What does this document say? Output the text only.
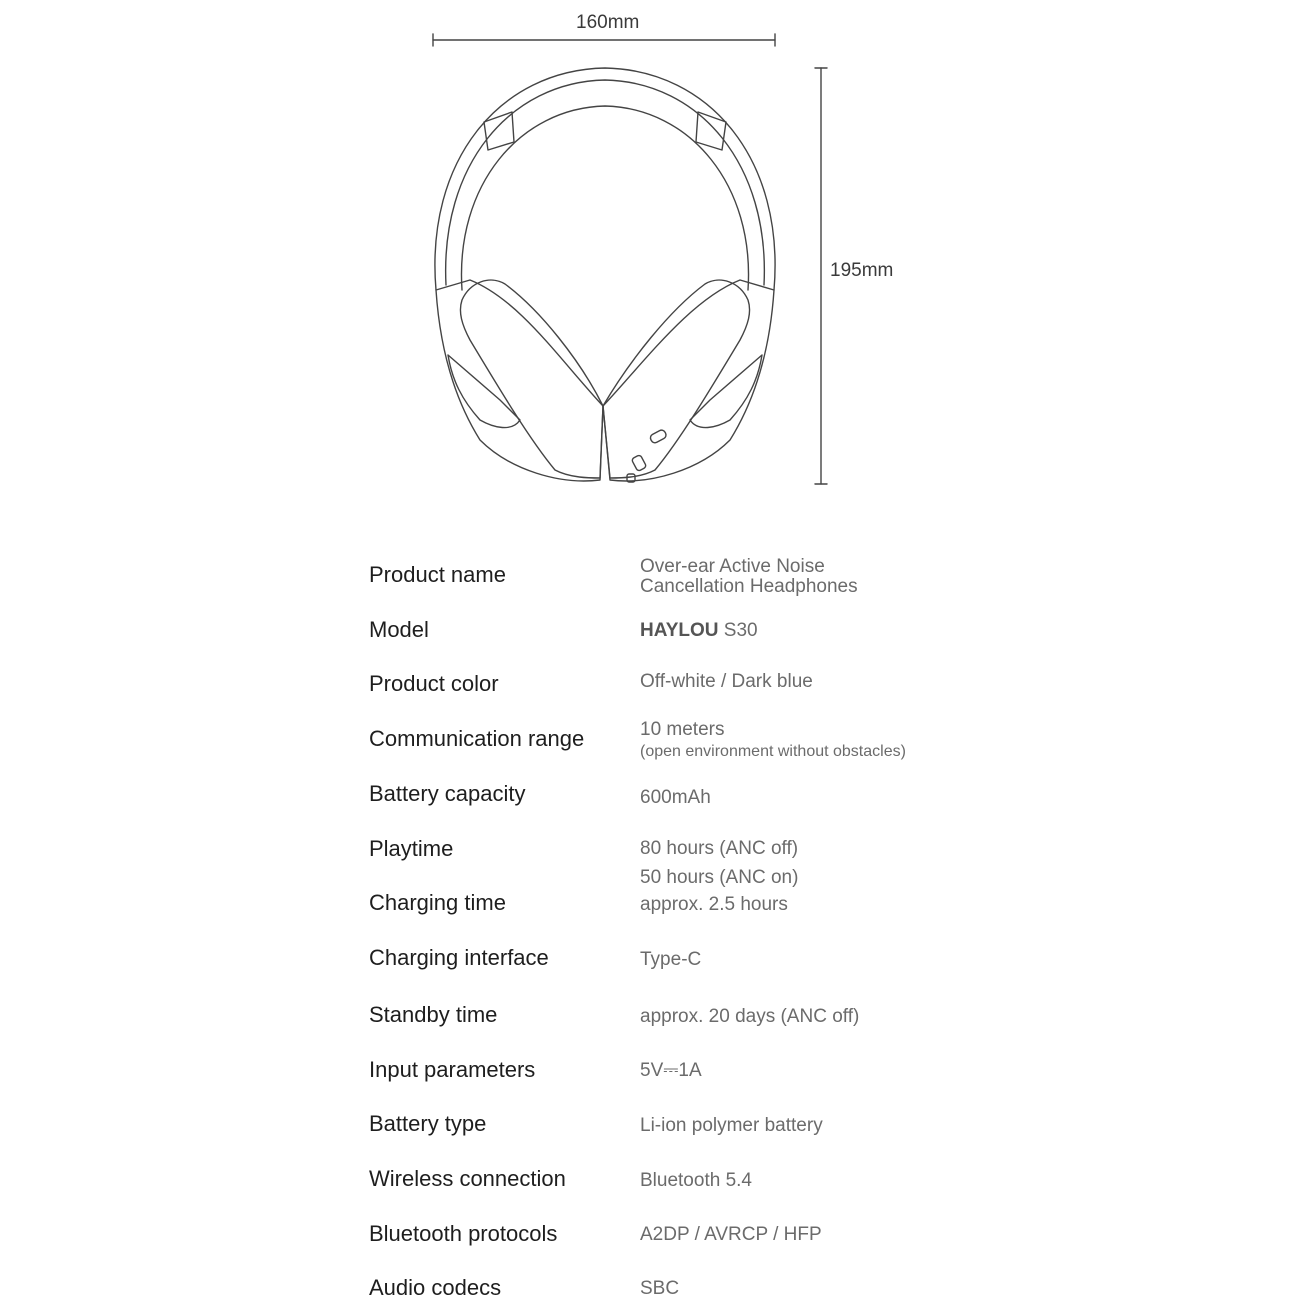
160mm
195mm
Product name	Over-ear Active Noise
Cancellation Headphones
Model	HAYLOU S30
Product color	Off-white / Dark blue
Communication range	10 meters
(open environment without obstacles)
Battery capacity	600mAh
Playtime	80 hours (ANC off)
50 hours (ANC on)
Charging time	approx. 2.5 hours
Charging interface	Type-C
Standby time	approx. 20 days (ANC off)
Input parameters	5V⎓1A
Battery type	Li-ion polymer battery
Wireless connection	Bluetooth 5.4
Bluetooth protocols	A2DP / AVRCP / HFP
Audio codecs	SBC
